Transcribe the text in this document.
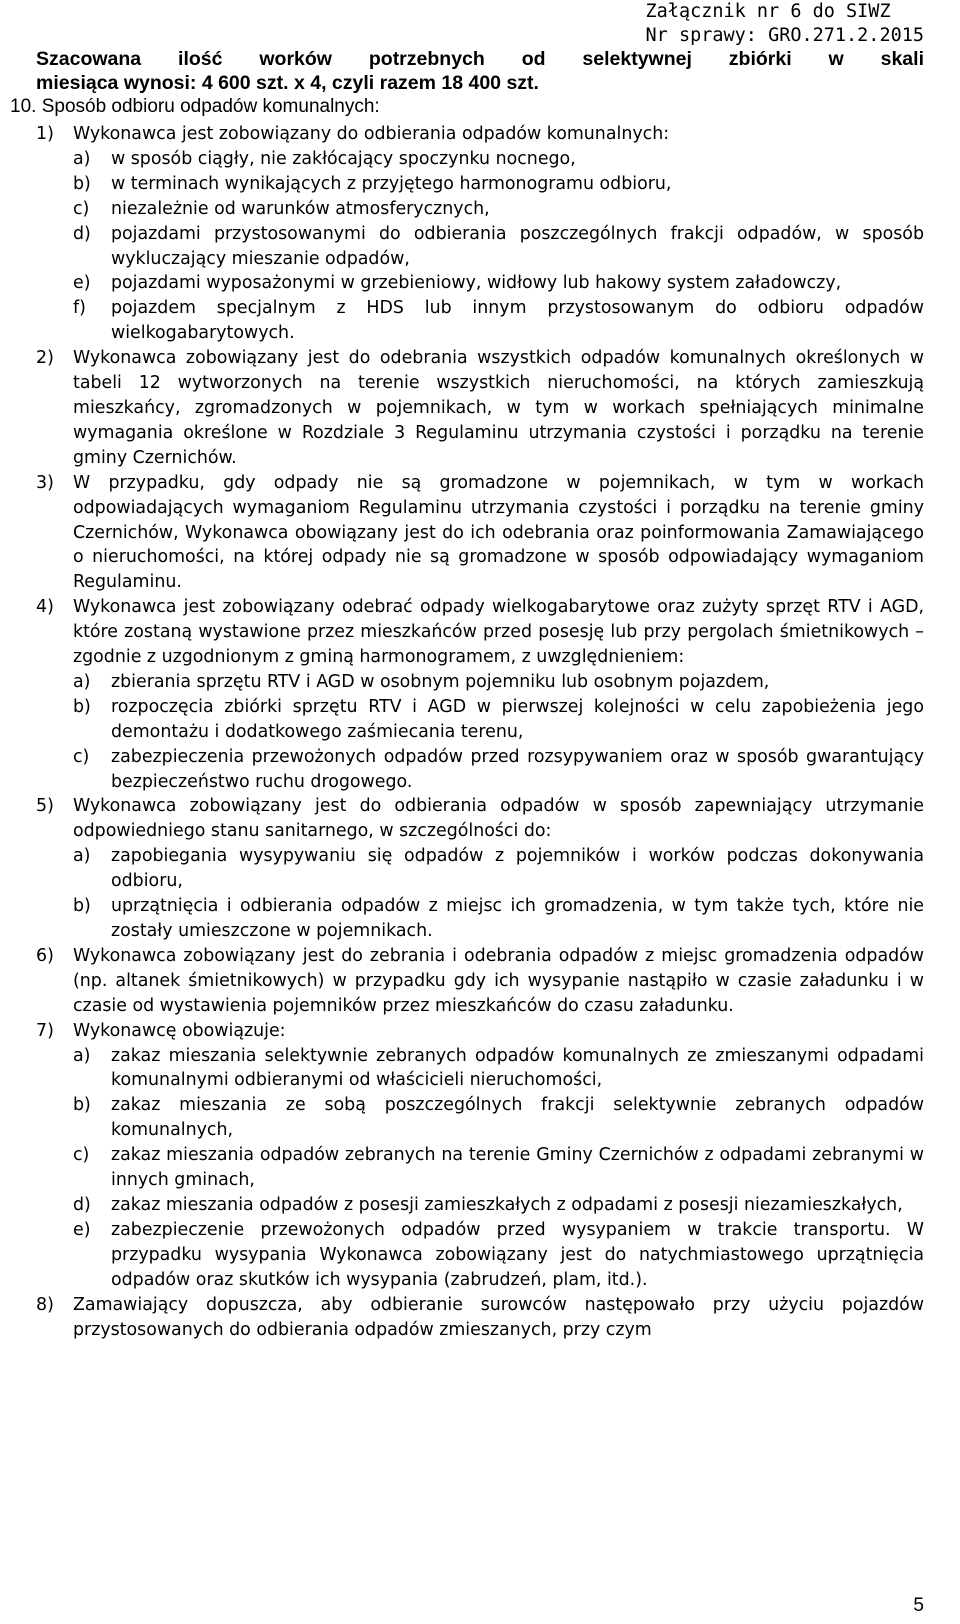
Załącznik nr 6 do SIWZ
Nr sprawy: GRO.271.2.2015
Szacowana ilość worków potrzebnych od selektywnej zbiórki w skali
miesiąca wynosi: 4 600 szt. x 4, czyli razem 18 400 szt.
10. Sposób odbioru odpadów komunalnych:
1)	Wykonawca jest zobowiązany do odbierania odpadów komunalnych:
a)	w sposób ciągły, nie zakłócający spoczynku nocnego,
b)	w terminach wynikających z przyjętego harmonogramu odbioru,
c)	niezależnie od warunków atmosferycznych,
d)	pojazdami przystosowanymi do odbierania poszczególnych frakcji odpadów, w sposób wykluczający mieszanie odpadów,
e)	pojazdami wyposażonymi w grzebieniowy, widłowy lub hakowy system załadowczy,
f)	pojazdem specjalnym z HDS lub innym przystosowanym do odbioru odpadów wielkogabarytowych.
2)	Wykonawca zobowiązany jest do odebrania wszystkich odpadów komunalnych określonych w tabeli 12 wytworzonych na terenie wszystkich nieruchomości, na których zamieszkują mieszkańcy, zgromadzonych w pojemnikach, w tym w workach spełniających minimalne wymagania określone w Rozdziale 3 Regulaminu utrzymania czystości i porządku na terenie gminy Czernichów.
3)	W przypadku, gdy odpady nie są gromadzone w pojemnikach, w tym w workach odpowiadających wymaganiom Regulaminu utrzymania czystości i porządku na terenie gminy Czernichów, Wykonawca obowiązany jest do ich odebrania oraz poinformowania Zamawiającego o nieruchomości, na której odpady nie są gromadzone w sposób odpowiadający wymaganiom Regulaminu.
4)	Wykonawca jest zobowiązany odebrać odpady wielkogabarytowe oraz zużyty sprzęt RTV i AGD, które zostaną wystawione przez mieszkańców przed posesję lub przy pergolach śmietnikowych – zgodnie z uzgodnionym z gminą harmonogramem, z uwzględnieniem:
a)	zbierania sprzętu RTV i AGD w osobnym pojemniku lub osobnym pojazdem,
b)	rozpoczęcia zbiórki sprzętu RTV i AGD w pierwszej kolejności w celu zapobieżenia jego demontażu i dodatkowego zaśmiecania terenu,
c)	zabezpieczenia przewożonych odpadów przed rozsypywaniem oraz w sposób gwarantujący bezpieczeństwo ruchu drogowego.
5)	Wykonawca zobowiązany jest do odbierania odpadów w sposób zapewniający utrzymanie odpowiedniego stanu sanitarnego, w szczególności do:
a)	zapobiegania wysypywaniu się odpadów z pojemników i worków podczas dokonywania odbioru,
b)	uprzątnięcia i odbierania odpadów z miejsc ich gromadzenia, w tym także tych, które nie zostały umieszczone w pojemnikach.
6)	Wykonawca zobowiązany jest do zebrania i odebrania odpadów z miejsc gromadzenia odpadów (np. altanek śmietnikowych) w przypadku gdy ich wysypanie nastąpiło w czasie załadunku i w czasie od wystawienia pojemników przez mieszkańców do czasu załadunku.
7)	Wykonawcę obowiązuje:
a)	zakaz mieszania selektywnie zebranych odpadów komunalnych ze zmieszanymi odpadami komunalnymi odbieranymi od właścicieli nieruchomości,
b)	zakaz mieszania ze sobą poszczególnych frakcji selektywnie zebranych odpadów komunalnych,
c)	zakaz mieszania odpadów zebranych na terenie Gminy Czernichów z odpadami zebranymi w innych gminach,
d)	zakaz mieszania odpadów z posesji zamieszkałych z odpadami z posesji niezamieszkałych,
e)	zabezpieczenie przewożonych odpadów przed wysypaniem w trakcie transportu. W przypadku wysypania Wykonawca zobowiązany jest do natychmiastowego uprzątnięcia odpadów oraz skutków ich wysypania (zabrudzeń, plam, itd.).
8)	Zamawiający dopuszcza, aby odbieranie surowców następowało przy użyciu pojazdów przystosowanych do odbierania odpadów zmieszanych, przy czym
5
